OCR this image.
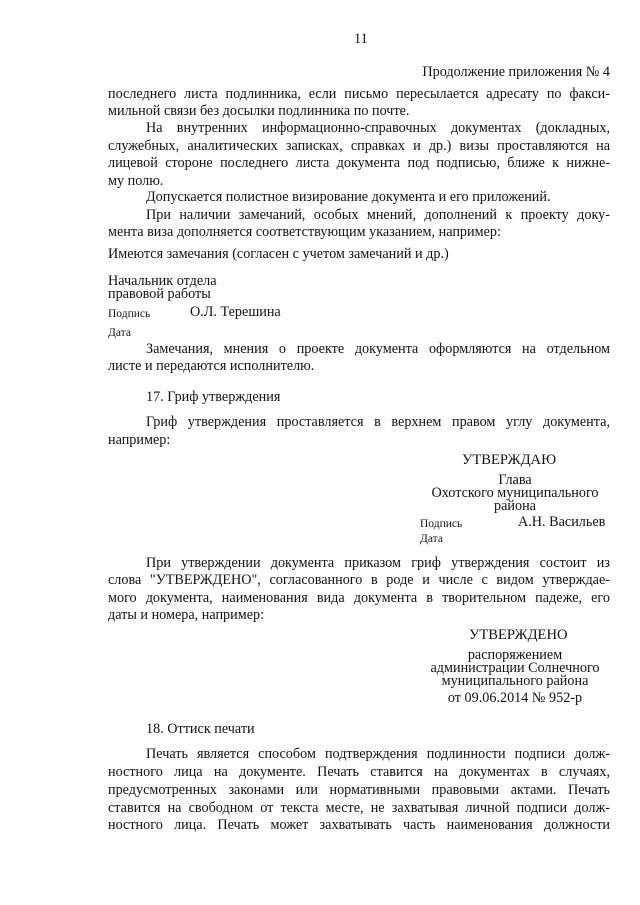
11
Продолжение приложения № 4
последнего листа подлинника, если письмо пересылается адресату по факси-
мильной связи без досылки подлинника по почте.
На внутренних информационно-справочных документах (докладных,
служебных, аналитических записках, справках и др.) визы проставляются на
лицевой стороне последнего листа документа под подписью, ближе к нижне-
му полю.
Допускается полистное визирование документа и его приложений.
При наличии замечаний, особых мнений, дополнений к проекту доку-
мента виза дополняется соответствующим указанием, например:
Имеются замечания (согласен с учетом замечаний и др.)
Начальник отдела
правовой работы
Подпись	О.Л. Терешина
Дата
Замечания, мнения о проекте документа оформляются на отдельном
листе и передаются исполнителю.
17. Гриф утверждения
Гриф утверждения проставляется в верхнем правом углу документа,
например:
УТВЕРЖДАЮ
Глава
Охотского муниципального
района
Подпись	А.Н. Васильев
Дата
При утверждении документа приказом гриф утверждения состоит из
слова "УТВЕРЖДЕНО", согласованного в роде и числе с видом утверждае-
мого документа, наименования вида документа в творительном падеже, его
даты и номера, например:
УТВЕРЖДЕНО
распоряжением
администрации Солнечного
муниципального района
от 09.06.2014 № 952-р
18. Оттиск печати
Печать является способом подтверждения подлинности подписи долж-
ностного лица на документе. Печать ставится на документах в случаях,
предусмотренных законами или нормативными правовыми актами. Печать
ставится на свободном от текста месте, не захватывая личной подписи долж-
ностного лица. Печать может захватывать часть наименования должности
